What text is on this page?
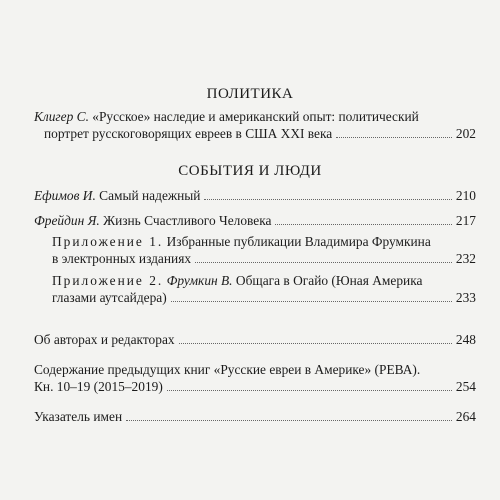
ПОЛИТИКА
Клигер С. «Русское» наследие и американский опыт: политический
портрет русскоговорящих евреев в США XXI века	202
СОБЫТИЯ И ЛЮДИ
Ефимов И. Самый надежный	210
Фрейдин Я. Жизнь Счастливого Человека	217
Приложение 1. Избранные публикации Владимира Фрумкина
в электронных изданиях	232
Приложение 2. Фрумкин В. Общага в Огайо (Юная Америка
глазами аутсайдера)	233
Об авторах и редакторах	248
Содержание предыдущих книг «Русские евреи в Америке» (РЕВА).
Кн. 10–19 (2015–2019)	254
Указатель имен	264
